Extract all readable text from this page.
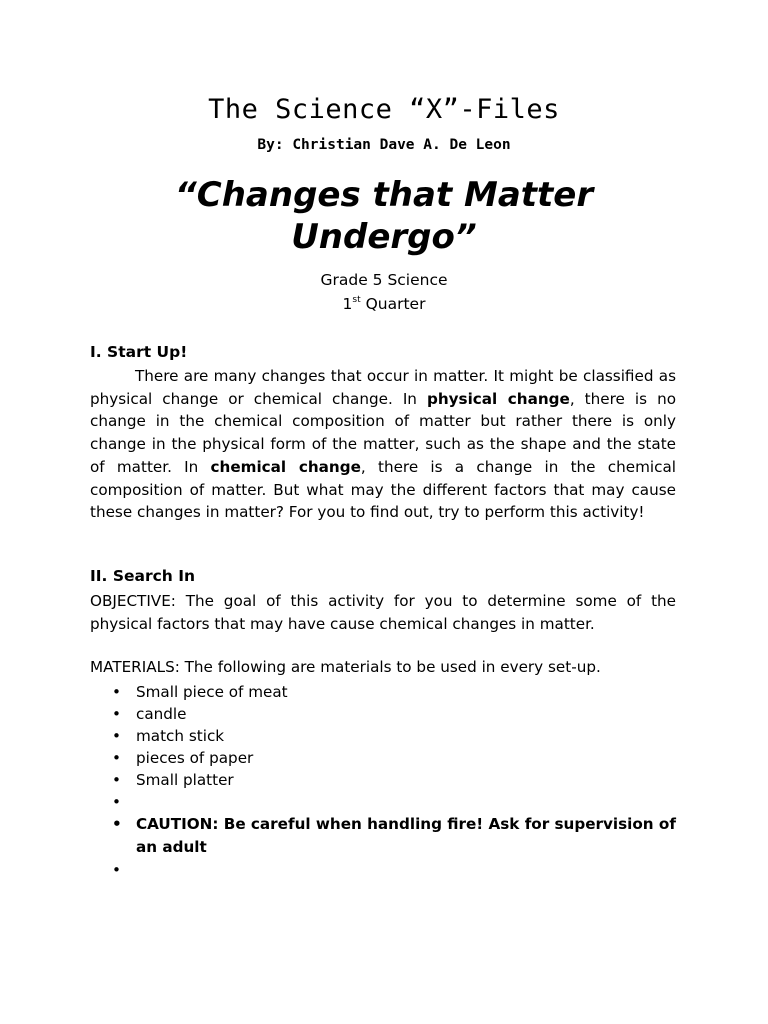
The Science “X”-Files
By: Christian Dave A. De Leon
“Changes that Matter
Undergo”
Grade 5 Science
1st Quarter
I. Start Up!

There are many changes that occur in matter. It might be classified as physical change or chemical change. In physical change, there is no change in the chemical composition of matter but rather there is only change in the physical form of the matter, such as the shape and the state of matter. In chemical change, there is a change in the chemical composition of matter. But what may the different factors that may cause these changes in matter? For you to find out, try to perform this activity!

II. Search In

OBJECTIVE: The goal of this activity for you to determine some of the physical factors that may have cause chemical changes in matter.

MATERIALS: The following are materials to be used in every set-up.

• Small piece of meat
• candle
• match stick
• pieces of paper
• Small platter
•
• CAUTION: Be careful when handling fire! Ask for supervision of an adult
•
